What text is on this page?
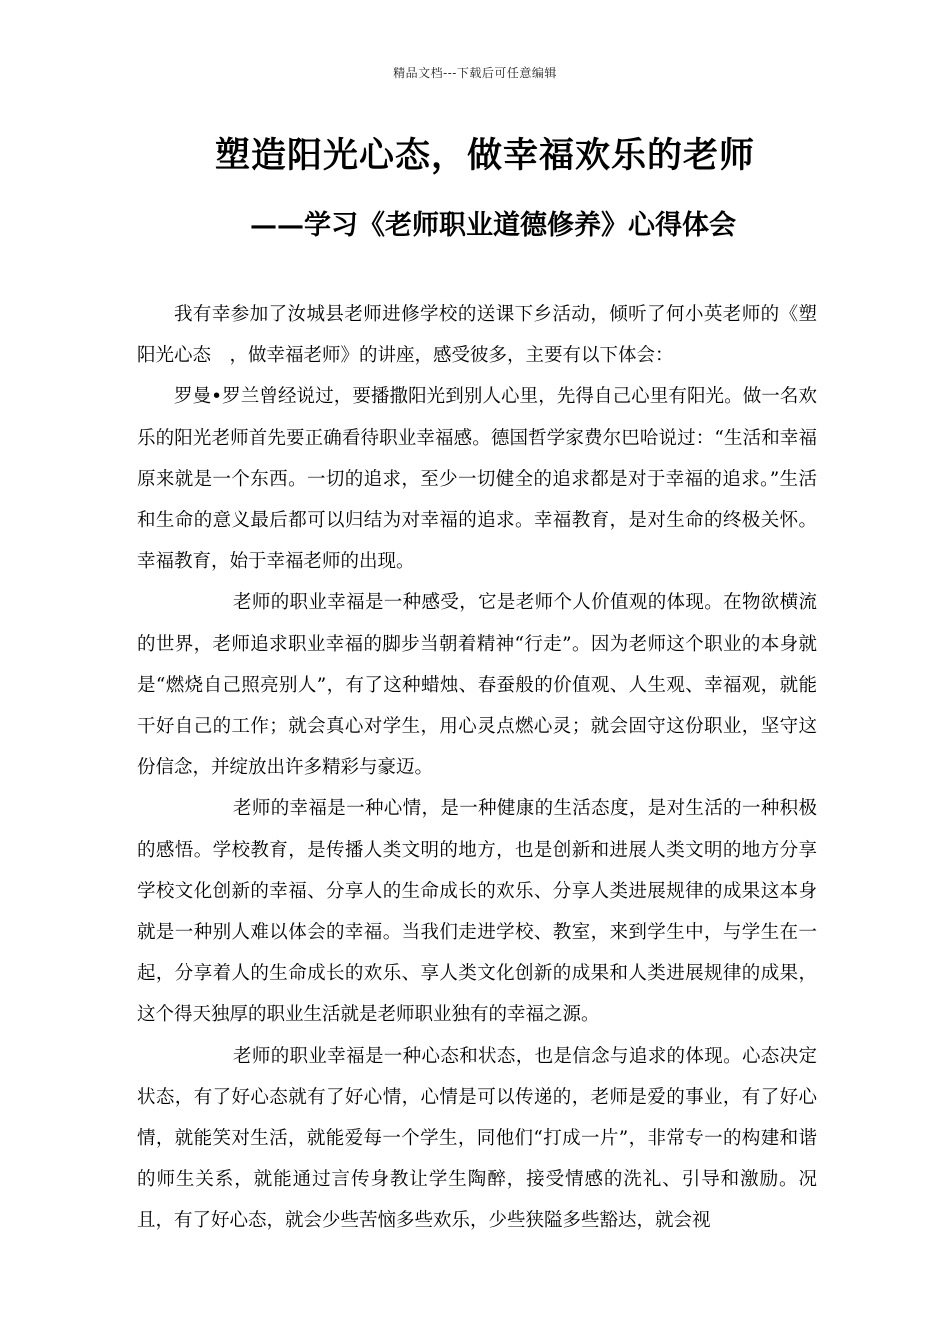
精品文档---下载后可任意编辑
塑造阳光心态，做幸福欢乐的老师
——学习《老师职业道德修养》心得体会

我有幸参加了汝城县老师进修学校的送课下乡活动，倾听了何小英老师的《塑阳光心态　，做幸福老师》的讲座，感受彼多，主要有以下体会：

罗曼•罗兰曾经说过，要播撒阳光到别人心里，先得自己心里有阳光。做一名欢乐的阳光老师首先要正确看待职业幸福感。德国哲学家费尔巴哈说过：“生活和幸福原来就是一个东西。一切的追求，至少一切健全的追求都是对于幸福的追求。”生活和生命的意义最后都可以归结为对幸福的追求。幸福教育，是对生命的终极关怀。幸福教育，始于幸福老师的出现。

老师的职业幸福是一种感受，它是老师个人价值观的体现。在物欲横流的世界，老师追求职业幸福的脚步当朝着精神“行走”。因为老师这个职业的本身就是“燃烧自己照亮别人”，有了这种蜡烛、春蚕般的价值观、人生观、幸福观，就能干好自己的工作；就会真心对学生，用心灵点燃心灵；就会固守这份职业，坚守这份信念，并绽放出许多精彩与豪迈。

老师的幸福是一种心情，是一种健康的生活态度，是对生活的一种积极的感悟。学校教育，是传播人类文明的地方，也是创新和进展人类文明的地方分享学校文化创新的幸福、分享人的生命成长的欢乐、分享人类进展规律的成果这本身就是一种别人难以体会的幸福。当我们走进学校、教室，来到学生中，与学生在一起，分享着人的生命成长的欢乐、享人类文化创新的成果和人类进展规律的成果，这个得天独厚的职业生活就是老师职业独有的幸福之源。

老师的职业幸福是一种心态和状态，也是信念与追求的体现。心态决定状态，有了好心态就有了好心情，心情是可以传递的，老师是爱的事业，有了好心情，就能笑对生活，就能爱每一个学生，同他们“打成一片”，非常专一的构建和谐的师生关系，就能通过言传身教让学生陶醉，接受情感的洗礼、引导和激励。况且，有了好心态，就会少些苦恼多些欢乐，少些狭隘多些豁达，就会视
